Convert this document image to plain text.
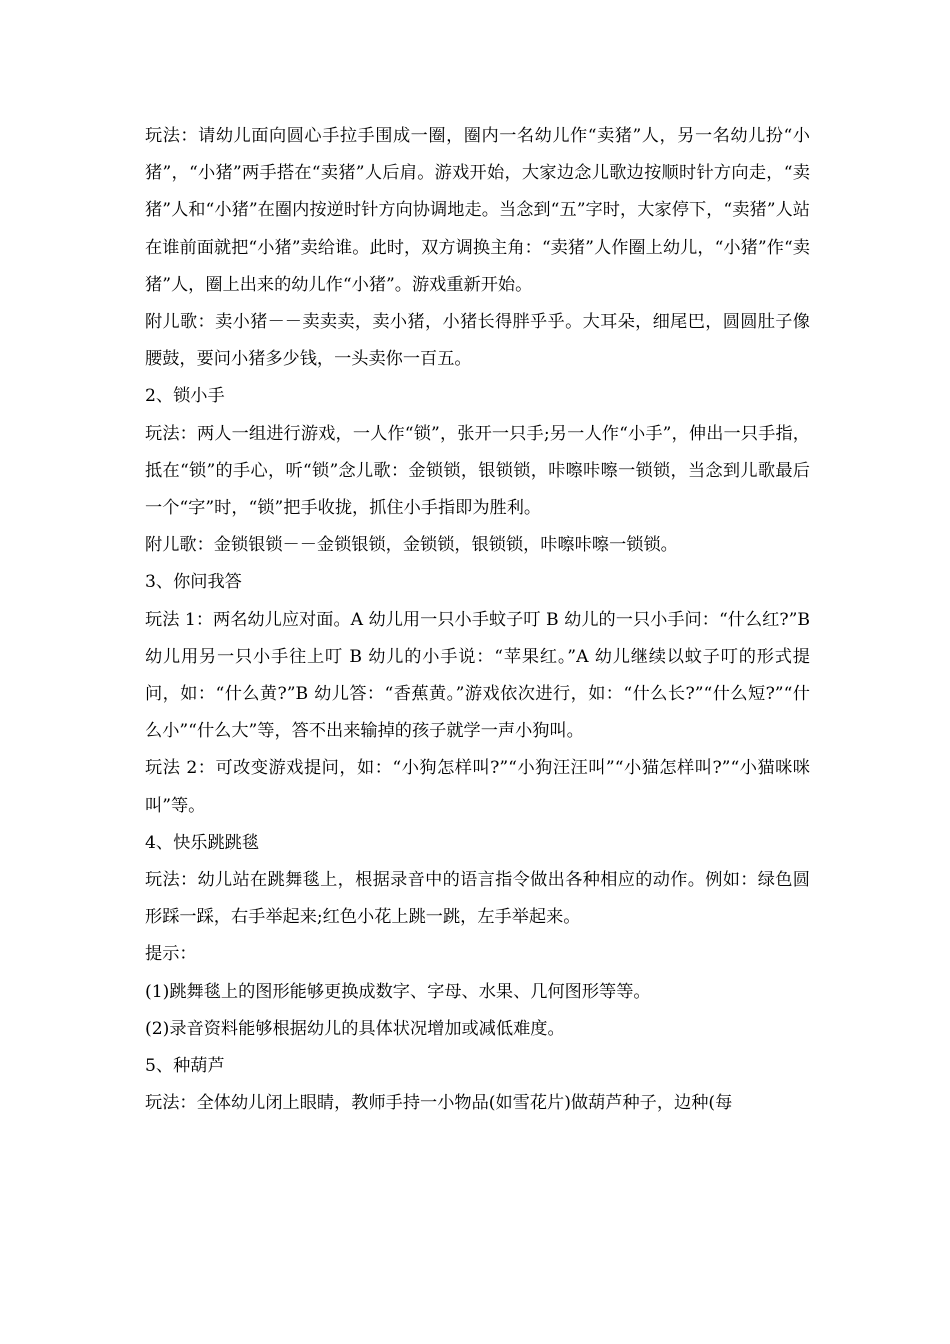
玩法：请幼儿面向圆心手拉手围成一圈，圈内一名幼儿作“卖猪”人，另一名幼儿扮“小猪”，“小猪”两手搭在“卖猪”人后肩。游戏开始，大家边念儿歌边按顺时针方向走，“卖猪”人和“小猪”在圈内按逆时针方向协调地走。当念到“五”字时，大家停下，“卖猪”人站在谁前面就把“小猪”卖给谁。此时，双方调换主角：“卖猪”人作圈上幼儿，“小猪”作“卖猪”人，圈上出来的幼儿作“小猪”。游戏重新开始。

附儿歌：卖小猪－－卖卖卖，卖小猪，小猪长得胖乎乎。大耳朵，细尾巴，圆圆肚子像腰鼓，要问小猪多少钱，一头卖你一百五。

2、锁小手

玩法：两人一组进行游戏，一人作“锁”，张开一只手;另一人作“小手”，伸出一只手指，抵在“锁”的手心，听“锁”念儿歌：金锁锁，银锁锁，咔嚓咔嚓一锁锁，当念到儿歌最后一个“字”时，“锁”把手收拢，抓住小手指即为胜利。

附儿歌：金锁银锁－－金锁银锁，金锁锁，银锁锁，咔嚓咔嚓一锁锁。

3、你问我答

玩法 1：两名幼儿应对面。A 幼儿用一只小手蚊子叮 B 幼儿的一只小手问：“什么红?”B 幼儿用另一只小手往上叮 B 幼儿的小手说：“苹果红。”A 幼儿继续以蚊子叮的形式提问，如：“什么黄?”B 幼儿答：“香蕉黄。”游戏依次进行，如：“什么长?”“什么短?”“什么小”“什么大”等，答不出来输掉的孩子就学一声小狗叫。

玩法 2：可改变游戏提问，如：“小狗怎样叫?”“小狗汪汪叫”“小猫怎样叫?”“小猫咪咪叫”等。

4、快乐跳跳毯

玩法：幼儿站在跳舞毯上，根据录音中的语言指令做出各种相应的动作。例如：绿色圆形踩一踩，右手举起来;红色小花上跳一跳，左手举起来。

提示：

(1)跳舞毯上的图形能够更换成数字、字母、水果、几何图形等等。

(2)录音资料能够根据幼儿的具体状况增加或减低难度。

5、种葫芦

玩法：全体幼儿闭上眼睛，教师手持一小物品(如雪花片)做葫芦种子，边种(每
